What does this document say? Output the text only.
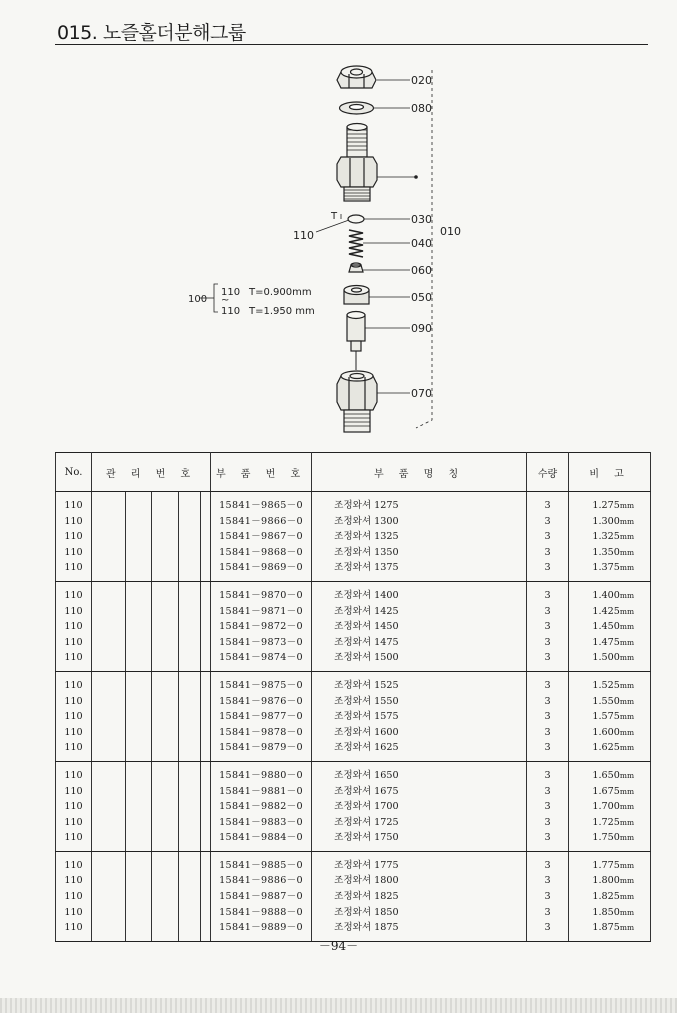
015. 노즐홀더분해그룹
020
080
030
040
060
050
090
070
010
110
T
100
110 T=0.900mm
~
110 T=1.950 mm
No.	관 리 번 호					부 품 번 호	부 품 명 칭	수량	비 고
110						15841－9865－0	조정와셔 1275	3	1.275mm
110						15841－9866－0	조정와셔 1300	3	1.300mm
110						15841－9867－0	조정와셔 1325	3	1.325mm
110						15841－9868－0	조정와셔 1350	3	1.350mm
110						15841－9869－0	조정와셔 1375	3	1.375mm
110						15841－9870－0	조정와셔 1400	3	1.400mm
110						15841－9871－0	조정와셔 1425	3	1.425mm
110						15841－9872－0	조정와셔 1450	3	1.450mm
110						15841－9873－0	조정와셔 1475	3	1.475mm
110						15841－9874－0	조정와셔 1500	3	1.500mm
110						15841－9875－0	조정와셔 1525	3	1.525mm
110						15841－9876－0	조정와셔 1550	3	1.550mm
110						15841－9877－0	조정와셔 1575	3	1.575mm
110						15841－9878－0	조정와셔 1600	3	1.600mm
110						15841－9879－0	조정와셔 1625	3	1.625mm
110						15841－9880－0	조정와셔 1650	3	1.650mm
110						15841－9881－0	조정와셔 1675	3	1.675mm
110						15841－9882－0	조정와셔 1700	3	1.700mm
110						15841－9883－0	조정와셔 1725	3	1.725mm
110						15841－9884－0	조정와셔 1750	3	1.750mm
110						15841－9885－0	조정와셔 1775	3	1.775mm
110						15841－9886－0	조정와셔 1800	3	1.800mm
110						15841－9887－0	조정와셔 1825	3	1.825mm
110						15841－9888－0	조정와셔 1850	3	1.850mm
110						15841－9889－0	조정와셔 1875	3	1.875mm
－94－
